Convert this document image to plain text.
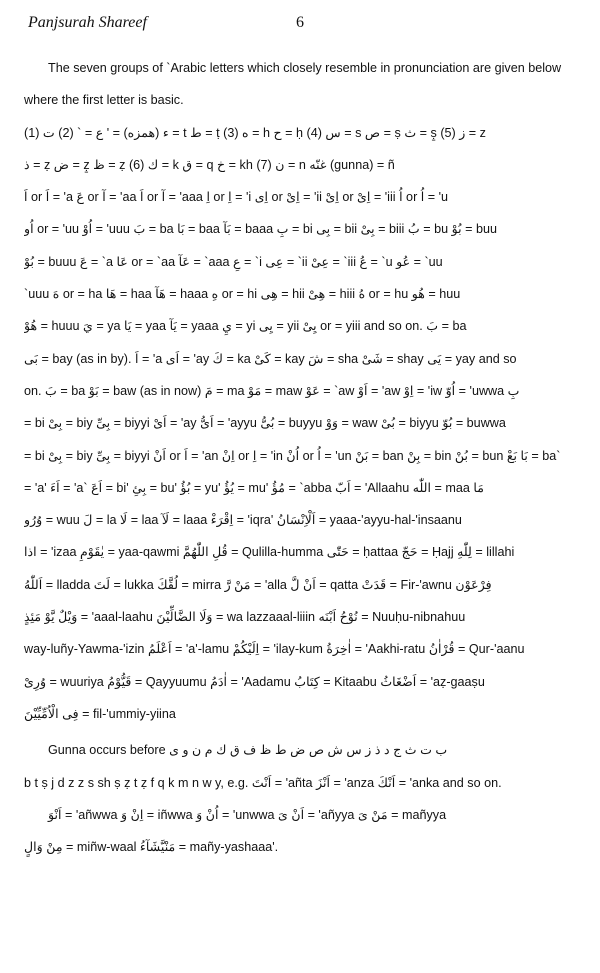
Panjsurah Shareef	6
The seven groups of `Arabic letters which closely resemble in pronunciation are given below
where the first letter is basic.
(1) ء (همزه) = ' ع = ` (2) ت = t ط = ṭ (3) ه = h ح = ḥ (4) س = s ص = ṣ ث = ṣ̱ (5) ز = z
ذ = ẓ ض = ẓ̱ ظ = ẓ (6) ك = k ق = q خ = kh (7) ن = n غنّه (gunna) = ñ
اَ or اَ = 'a عَ or آ = 'aa اَ or آ = 'aaa اِ or اِ = 'i اِی or اِیْ = 'ii اِیْ or اِیْ = 'iii اُ or اُ = 'u
اُو or = 'uu اُوْ = 'uuu بَ = ba بَا = baa بَآ = baaa بِ = bi بِی = bii بِیْ = biii بُ = bu بُوْ = buu
بُوْ = buuu عَ = `a عَا or = `aa عَآ = `aaa عِ = `i عِی = `ii عِیْ = `iii عُ = `u عُو = `uu
`uuu هَ or = ha هَا = haa هَآ = haaa هِ or = hi هِی = hii هِیْ = hiii هُ or = hu هُو = huu
هُوْ = huuu يَ = ya يَا = yaa يَآ = yaaa يِ = yi يِی = yii يِیْ or = yiii and so on. بَ = ba
بَی = bay (as in by). اَ = 'a اَی = 'ay كَ = ka كَیْ = kay شَ = sha شَیْ = shay يَی = yay and so
on. بَ = ba بَوْ = baw (as in now) مَ = ma مَوْ = maw عَوْ = `aw اَوْ = 'aw اِوْ = 'iw اُوّ = 'uwwa بِ
= bi بِیْ = biy بِیِّ = biyyi اَیْ = 'ay اَیُّ = 'ayyu بُیُّ = buyyu وَوْ = waw بُیْ = biyyu بُوّ = buwwa
= bi بِیْ = biy بِیِّ = biyyi اَنْ or اَ = 'an اِنْ or اِ = 'in اُنْ or اُ = 'un بَنْ = ban بِنْ = bin بُنْ = bun بَا بَعْ = ba`
= 'a' اَءَ = 'a` اَعَ = bi' بِئِ = bu' بُؤُ = yu' يُؤُ = mu' مُؤُ = `abba اَبّ = 'Allaahu اللّٰه = maa مَا
وُرُو = wuu لَ = la لَا = laa لَآ = laaa اِقْرَءْ = 'iqra' اَلْاِنْسَانُ = yaaa-'ayyu-hal-'insaanu
اذا = 'izaa يٰقَوْمِ = yaa-qawmi قُلِ اللّٰهُمَّ = Qulilla-humma حَتّٰى = ḥattaa حَجّ = Ḥajj لِلّٰهِ = lillahi
اَللّٰهُ = lladda لَتَ = lukka لُقَّكَ = mirra مَنْ رَّ = 'alla اَنْ لَّ = qatta قَدَتْ = Fir-'awnu فِرْعَوْن
وَيْلٌ يَّوْ مَئِذٍ = 'aaal-laahu وَلَا الضَّالِّيْنَ = wa lazzaaal-liiin نُوْحُ اَبْنَه = Nuuḥu-nibnahuu
way-luñy-Yawma-'izin اَعْلَمُ = 'a'-lamu اِلَيْكُمْ = 'ilay-kum اٰخِرَةُ = 'Aakhi-ratu قُرْاٰنُ = Qur-'aanu
وُرِیْ = wuuriya قَيُّوْمُ = Qayyuumu اٰدَمُ = 'Aadamu كِتَابُ = Kitaabu اَضْغَاثُ = 'aẓ-gaaṣu
فِی الْاُمِّيِّيْنَ = fil-'ummiy-yiina
Gunna occurs before ب ت ث ج د ذ ز س ش ص ض ط ظ ف ق ك م ن و ی
b t ṣ j d z z s sh ṣ ẓ t ẓ f q k m n w y, e.g. اَنْتَ = 'añta اَنْزَ = 'anza اَنْكَ = 'anka and so on.
اَنْوَ = 'añwwa اِنْ وَ = iñwwa اُنْ وَ = 'unwwa اَنْ یَ = 'añyya مَنْ یَ = mañyya
مِنْ وَالٍ = miñw-waal مَنْيَّشَآءُ = mañy-yashaaa'.
